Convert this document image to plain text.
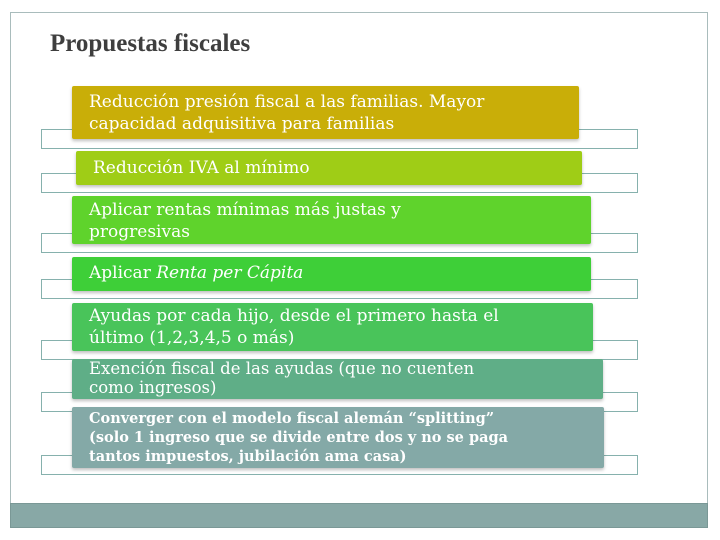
Propuestas fiscales
Reducción presión fiscal a las familias. Mayor
capacidad adquisitiva para familias
Reducción IVA al mínimo
Aplicar rentas mínimas más justas y
progresivas
Aplicar Renta per Cápita
Ayudas por cada hijo, desde el primero hasta el
último (1,2,3,4,5 o más)
Exención fiscal de las ayudas (que no cuenten
como ingresos)
Converger con el modelo fiscal alemán “splitting”
(solo 1 ingreso que se divide entre dos y no se paga
tantos impuestos, jubilación ama casa)
